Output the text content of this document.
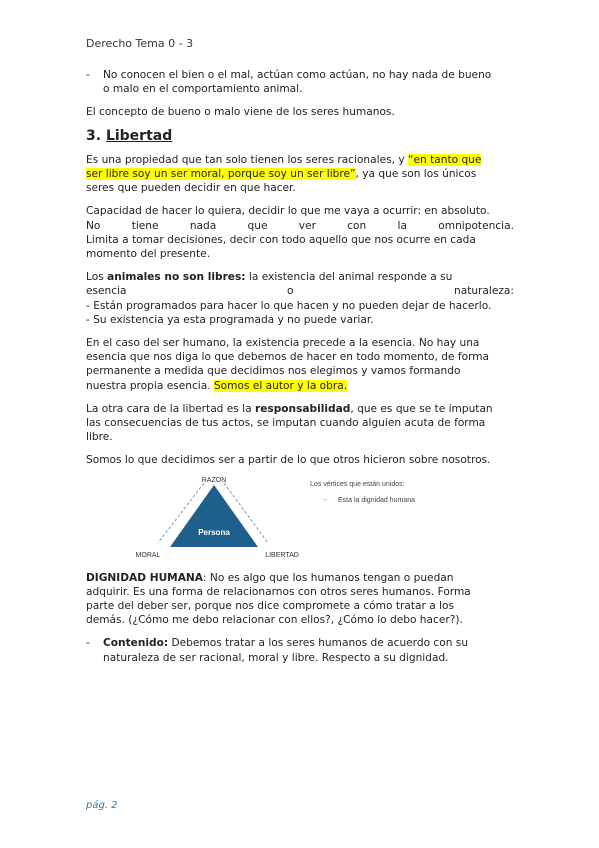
Derecho Tema 0 - 3
- No conocen el bien o el mal, actúan como actúan, no hay nada de bueno
o malo en el comportamiento animal.

El concepto de bueno o malo viene de los seres humanos.

3. Libertad

Es una propiedad que tan solo tienen los seres racionales, y “en tanto que
ser libre soy un ser moral, porque soy un ser libre”, ya que son los únicos
seres que pueden decidir en que hacer.

Capacidad de hacer lo quiera, decidir lo que me vaya a ocurrir: en absoluto.
No	tiene	nada	que	ver	con	la	omnipotencia.
Limita a tomar decisiones, decir con todo aquello que nos ocurre en cada
momento del presente.

Los animales no son libres: la existencia del animal responde a su
esencia	o	naturaleza:
- Están programados para hacer lo que hacen y no pueden dejar de hacerlo.
- Su existencia ya esta programada y no puede variar.

En el caso del ser humano, la existencia precede a la esencia. No hay una
esencia que nos diga lo que debemos de hacer en todo momento, de forma
permanente a medida que decidimos nos elegimos y vamos formando
nuestra propia esencia. Somos el autor y la obra.

La otra cara de la libertad es la responsabilidad, que es que se te imputan
las consecuencias de tus actos, se imputan cuando alguien acuta de forma
libre.

Somos lo que decidimos ser a partir de lo que otros hicieron sobre nosotros.

RAZÓN
MORAL	LIBERTAD
Persona
Los vértices que están unidos:
- Esta la dignidad humana

DIGNIDAD HUMANA: No es algo que los humanos tengan o puedan
adquirir. Es una forma de relacionarnos con otros seres humanos. Forma
parte del deber ser, porque nos dice compromete a cómo tratar a los
demás. (¿Cómo me debo relacionar con ellos?, ¿Cómo lo debo hacer?).

- Contenido: Debemos tratar a los seres humanos de acuerdo con su
naturaleza de ser racional, moral y libre. Respecto a su dignidad.
pág. 2
